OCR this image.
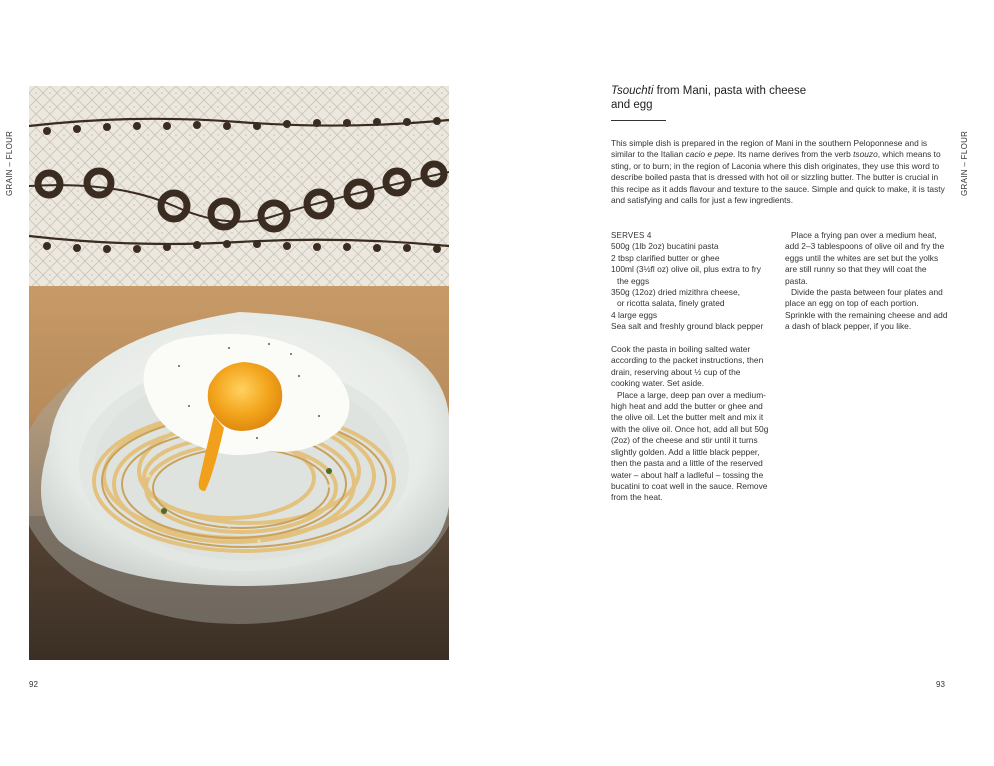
GRAIN – FLOUR	GRAIN – FLOUR
92	93
Tsouchti from Mani, pasta with cheese and egg

This simple dish is prepared in the region of Mani in the southern Peloponnese and is similar to the Italian cacio e pepe. Its name derives from the verb tsouzo, which means to sting, or to burn; in the region of Laconia where this dish originates, they use this word to describe boiled pasta that is dressed with hot oil or sizzling butter. The butter is crucial in this recipe as it adds flavour and texture to the sauce. Simple and quick to make, it is tasty and satisfying and calls for just a few ingredients.

SERVES 4
500g (1lb 2oz) bucatini pasta
2 tbsp clarified butter or ghee
100ml (3½fl oz) olive oil, plus extra to fry
the eggs
350g (12oz) dried mizithra cheese,
or ricotta salata, finely grated
4 large eggs
Sea salt and freshly ground black pepper

Cook the pasta in boiling salted water according to the packet instructions, then drain, reserving about ½ cup of the cooking water. Set aside.

Place a large, deep pan over a medium-high heat and add the butter or ghee and the olive oil. Let the butter melt and mix it with the olive oil. Once hot, add all but 50g (2oz) of the cheese and stir until it turns slightly golden. Add a little black pepper, then the pasta and a little of the reserved water – about half a ladleful – tossing the bucatini to coat well in the sauce. Remove from the heat.

Place a frying pan over a medium heat, add 2–3 tablespoons of olive oil and fry the eggs until the whites are set but the yolks are still runny so that they will coat the pasta.

Divide the pasta between four plates and place an egg on top of each portion. Sprinkle with the remaining cheese and add a dash of black pepper, if you like.
